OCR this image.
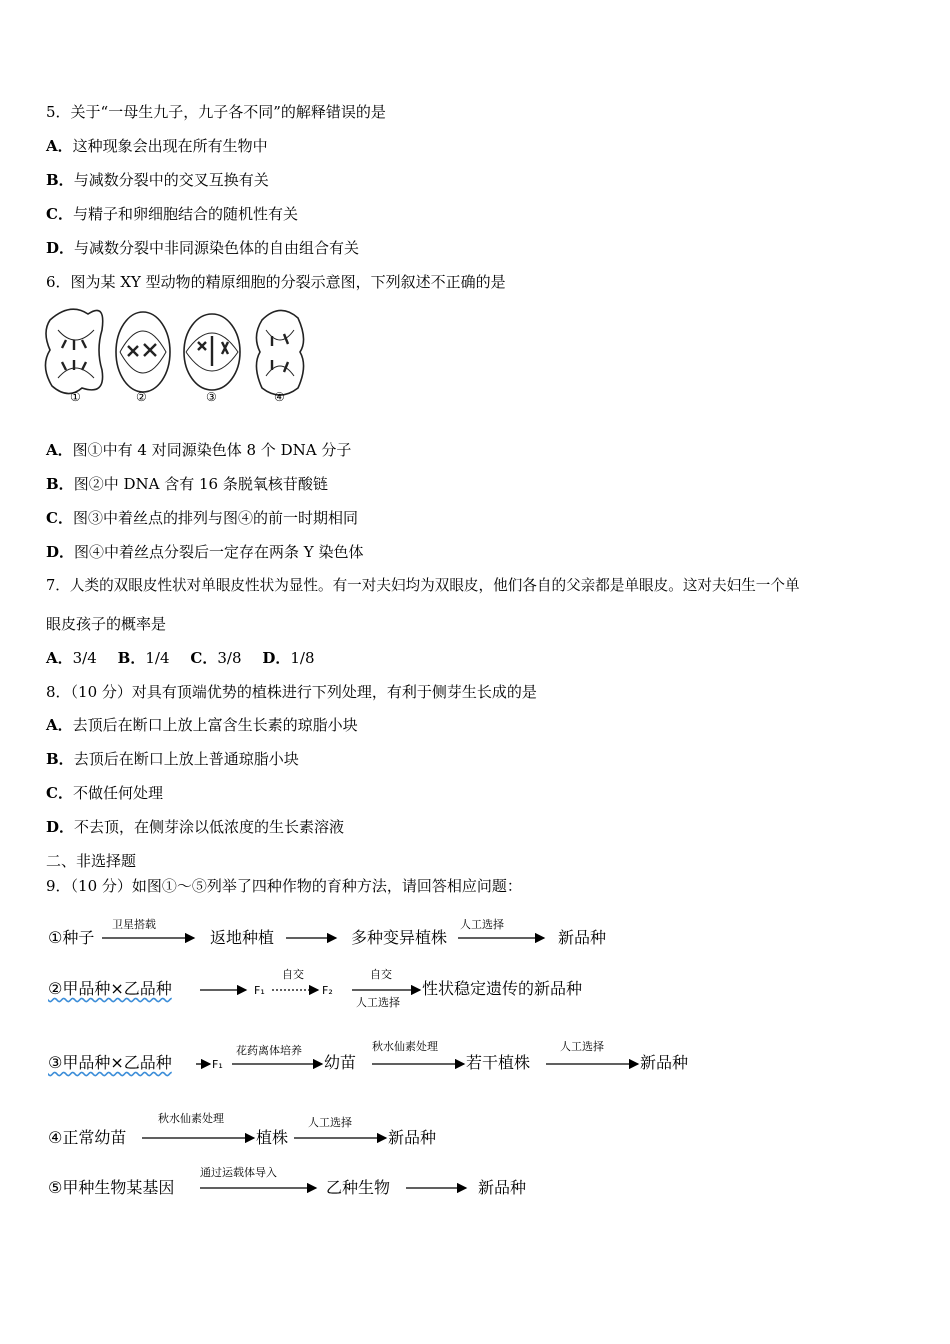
5．关于“一母生九子，九子各不同”的解释错误的是
A．这种现象会出现在所有生物中
B．与减数分裂中的交叉互换有关
C．与精子和卵细胞结合的随机性有关
D．与减数分裂中非同源染色体的自由组合有关
6．图为某 XY 型动物的精原细胞的分裂示意图，下列叙述不正确的是
①	②	③	④
A．图①中有 4 对同源染色体 8 个 DNA 分子
B．图②中 DNA 含有 16 条脱氧核苷酸链
C．图③中着丝点的排列与图④的前一时期相同
D．图④中着丝点分裂后一定存在两条 Y 染色体
7．人类的双眼皮性状对单眼皮性状为显性。有一对夫妇均为双眼皮，他们各自的父亲都是单眼皮。这对夫妇生一个单
眼皮孩子的概率是
A．3/4 B．1/4 C．3/8 D．1/8
8．（10 分）对具有顶端优势的植株进行下列处理，有利于侧芽生长成的是
A．去顶后在断口上放上富含生长素的琼脂小块
B．去顶后在断口上放上普通琼脂小块
C．不做任何处理
D．不去顶，在侧芽涂以低浓度的生长素溶液
二、非选择题
9．（10 分）如图①～⑤列举了四种作物的育种方法，请回答相应问题：
①种子
卫星搭载
返地种植	多种变异植株
人工选择
新品种
②甲品种×乙品种	F₁
自交
F₂
自交
人工选择
性状稳定遗传的新品种
③甲品种×乙品种	F₁
花药离体培养
幼苗
秋水仙素处理
若干植株
人工选择
新品种
④正常幼苗
秋水仙素处理
植株
人工选择
新品种
⑤甲种生物某基因
通过运载体导入
乙种生物	新品种
